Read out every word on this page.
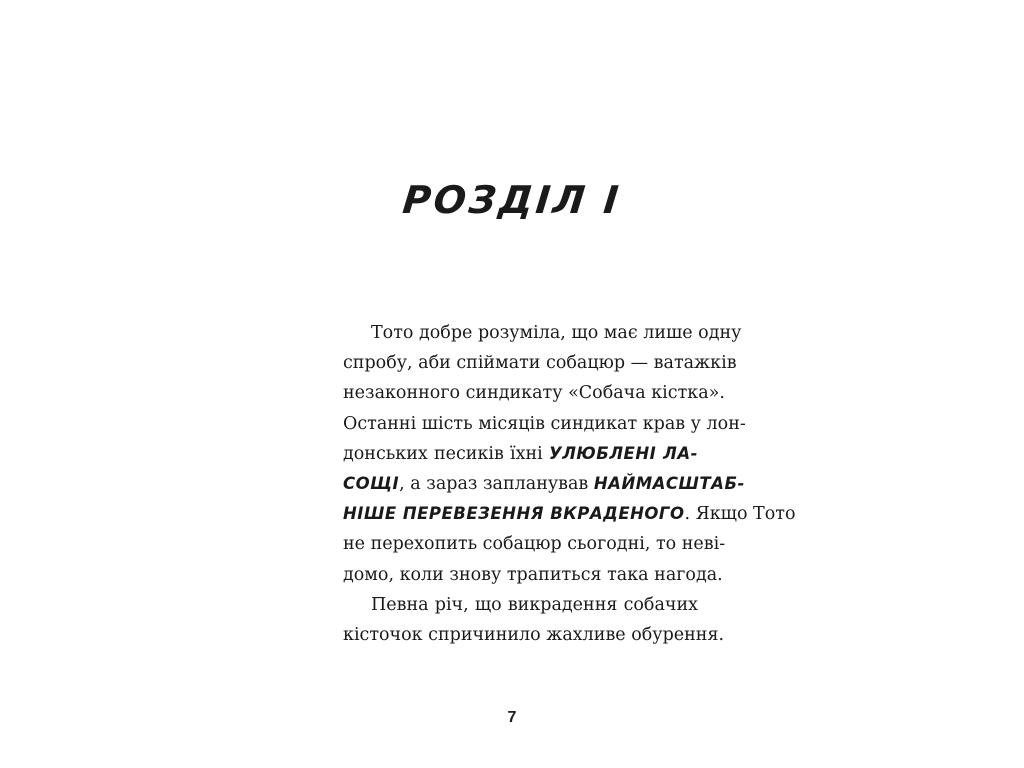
РОЗДІЛ I
Тото добре розуміла, що має лише одну
спробу, аби спіймати собацюр — ватажків
незаконного синдикату «Собача кістка».
Останні шість місяців синдикат крав у лон-
донських песиків їхні УЛЮБЛЕНІ ЛА-
СОЩІ, а зараз запланував НАЙМАСШТАБ-
НІШЕ ПЕРЕВЕЗЕННЯ ВКРАДЕНОГО. Якщо Тото
не перехопить собацюр сьогодні, то неві-
домо, коли знову трапиться така нагода.
Певна річ, що викрадення собачих
кісточок спричинило жахливе обурення.
7
